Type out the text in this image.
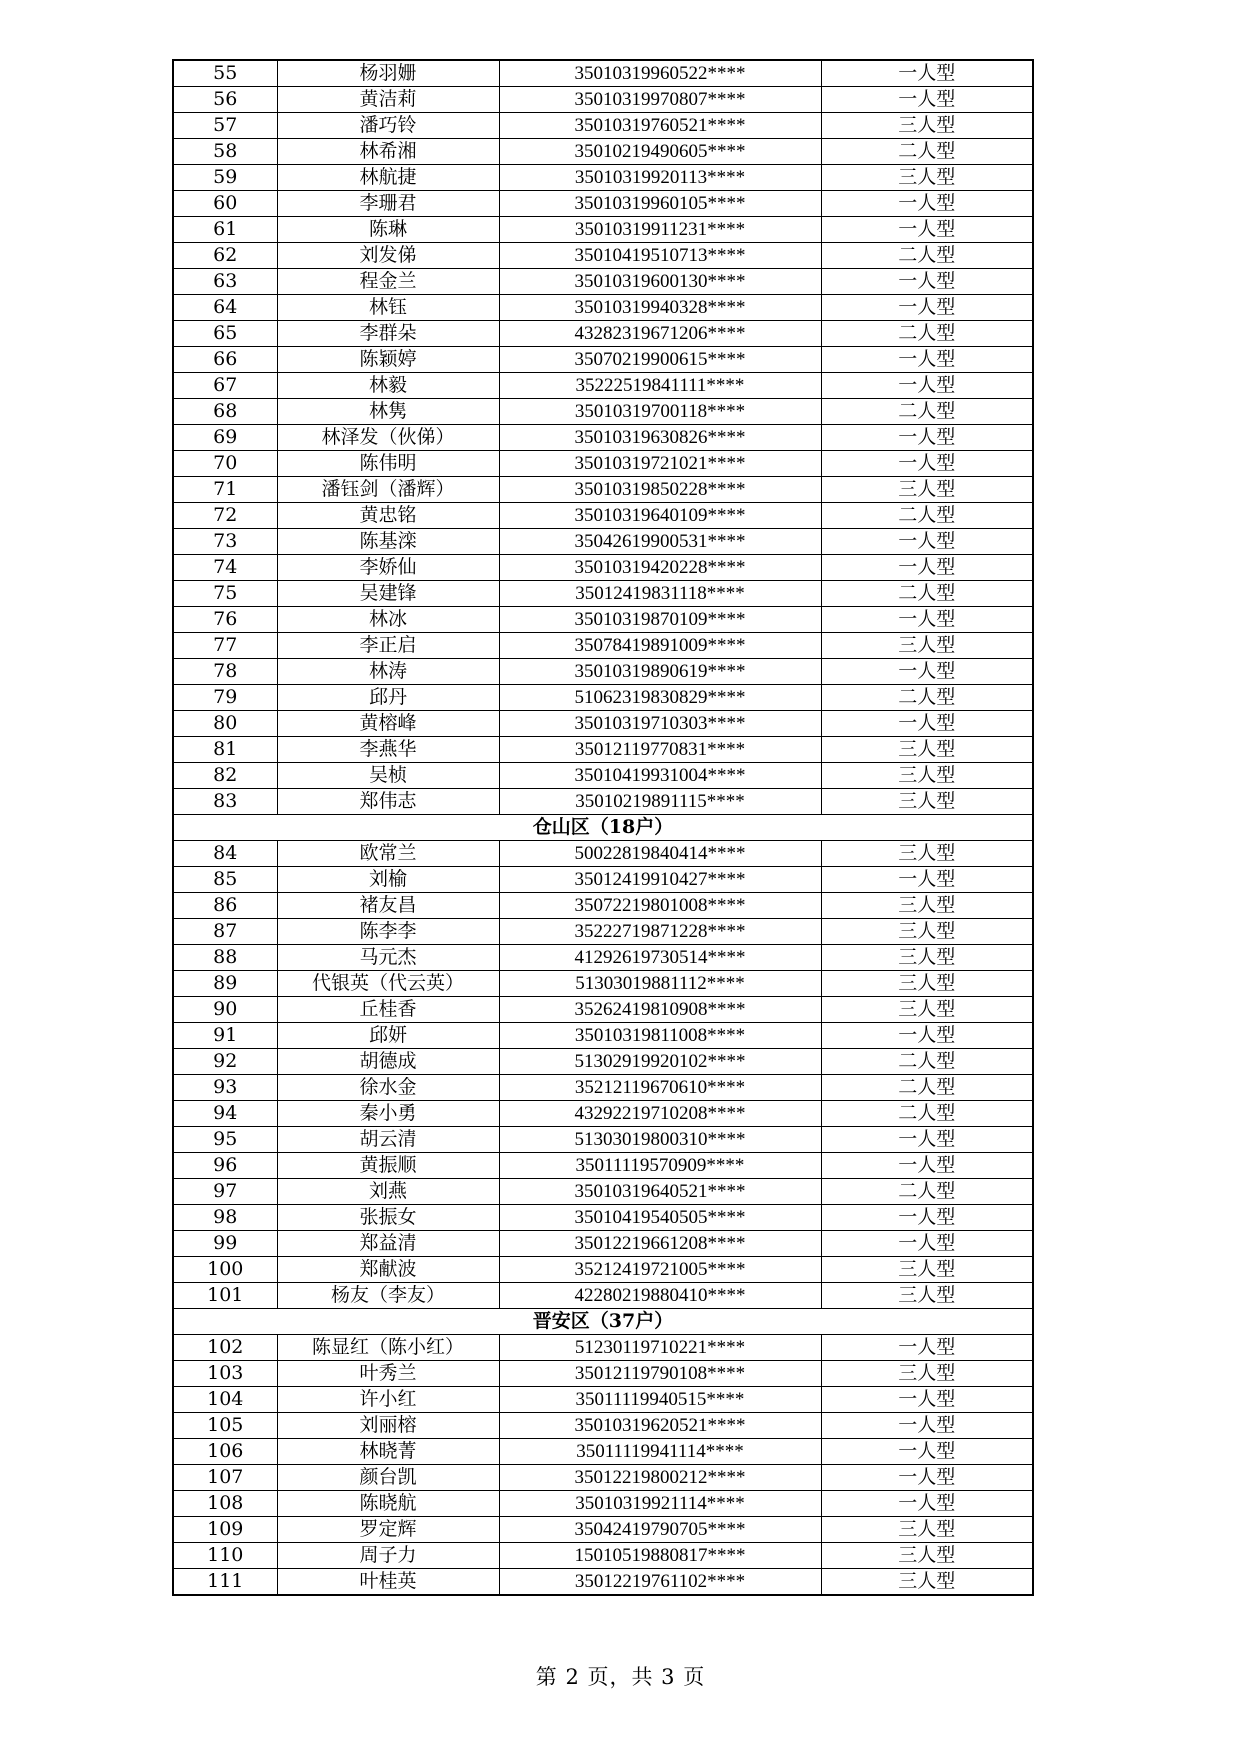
55	杨羽姗	35010319960522****	一人型
56	黄洁莉	35010319970807****	一人型
57	潘巧铃	35010319760521****	三人型
58	林希湘	35010219490605****	二人型
59	林航捷	35010319920113****	三人型
60	李珊君	35010319960105****	一人型
61	陈琳	35010319911231****	一人型
62	刘发俤	35010419510713****	二人型
63	程金兰	35010319600130****	一人型
64	林钰	35010319940328****	一人型
65	李群朵	43282319671206****	二人型
66	陈颖婷	35070219900615****	一人型
67	林毅	35222519841111****	一人型
68	林隽	35010319700118****	二人型
69	林泽发（伙俤）	35010319630826****	一人型
70	陈伟明	35010319721021****	一人型
71	潘钰剑（潘辉）	35010319850228****	三人型
72	黄忠铭	35010319640109****	二人型
73	陈基滦	35042619900531****	一人型
74	李娇仙	35010319420228****	一人型
75	吴建锋	35012419831118****	二人型
76	林冰	35010319870109****	一人型
77	李正启	35078419891009****	三人型
78	林涛	35010319890619****	一人型
79	邱丹	51062319830829****	二人型
80	黄榕峰	35010319710303****	一人型
81	李燕华	35012119770831****	三人型
82	吴桢	35010419931004****	三人型
83	郑伟志	35010219891115****	三人型
仓山区（18户）			
84	欧常兰	50022819840414****	三人型
85	刘榆	35012419910427****	一人型
86	褚友昌	35072219801008****	三人型
87	陈李李	35222719871228****	三人型
88	马元杰	41292619730514****	三人型
89	代银英（代云英）	51303019881112****	三人型
90	丘桂香	35262419810908****	三人型
91	邱妍	35010319811008****	一人型
92	胡德成	51302919920102****	二人型
93	徐水金	35212119670610****	二人型
94	秦小勇	43292219710208****	二人型
95	胡云清	51303019800310****	一人型
96	黄振顺	35011119570909****	一人型
97	刘燕	35010319640521****	二人型
98	张振女	35010419540505****	一人型
99	郑益清	35012219661208****	一人型
100	郑献波	35212419721005****	三人型
101	杨友（李友）	42280219880410****	三人型
晋安区（37户）			
102	陈显红（陈小红）	51230119710221****	一人型
103	叶秀兰	35012119790108****	三人型
104	许小红	35011119940515****	一人型
105	刘丽榕	35010319620521****	一人型
106	林晓菁	35011119941114****	一人型
107	颜台凯	35012219800212****	一人型
108	陈晓航	35010319921114****	一人型
109	罗定辉	35042419790705****	三人型
110	周子力	15010519880817****	三人型
111	叶桂英	35012219761102****	三人型
第 2 页，共 3 页
